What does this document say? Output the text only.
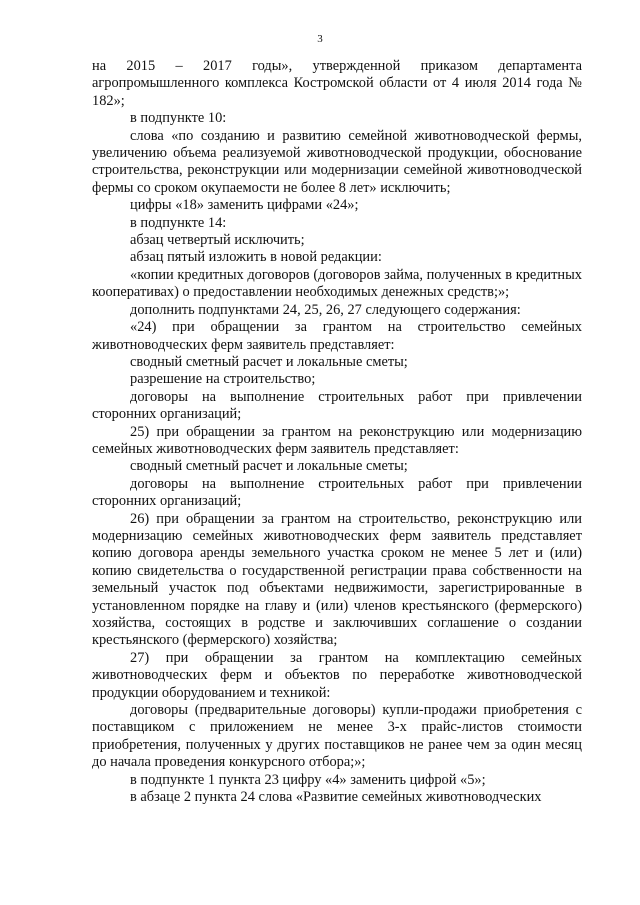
3

на 2015 – 2017 годы», утвержденной приказом департамента агропромышленного комплекса Костромской области от 4 июля 2014 года № 182»;

в подпункте 10:

слова «по созданию и развитию семейной животноводческой фермы, увеличению объема реализуемой животноводческой продукции, обоснование строительства, реконструкции или модернизации семейной животноводческой фермы со сроком окупаемости не более 8 лет» исключить;

цифры «18» заменить цифрами «24»;

в подпункте 14:

абзац четвертый исключить;

абзац пятый изложить в новой редакции:

«копии кредитных договоров (договоров займа, полученных в кредитных кооперативах) о предоставлении необходимых денежных средств;»;

дополнить подпунктами 24, 25, 26, 27 следующего содержания:

«24) при обращении за грантом на строительство семейных животноводческих ферм заявитель представляет:

сводный сметный расчет и локальные сметы;

разрешение на строительство;

договоры на выполнение строительных работ при привлечении сторонних организаций;

25) при обращении за грантом на реконструкцию или модернизацию семейных животноводческих ферм заявитель представляет:

сводный сметный расчет и локальные сметы;

договоры на выполнение строительных работ при привлечении сторонних организаций;

26) при обращении за грантом на строительство, реконструкцию или модернизацию семейных животноводческих ферм заявитель представляет копию договора аренды земельного участка сроком не менее 5 лет и (или) копию свидетельства о государственной регистрации права собственности на земельный участок под объектами недвижимости, зарегистрированные в установленном порядке на главу и (или) членов крестьянского (фермерского) хозяйства, состоящих в родстве и заключивших соглашение о создании крестьянского (фермерского) хозяйства;

27) при обращении за грантом на комплектацию семейных животноводческих ферм и объектов по переработке животноводческой продукции оборудованием и техникой:

договоры (предварительные договоры) купли-продажи приобретения с поставщиком с приложением не менее 3-х прайс-листов стоимости приобретения, полученных у других поставщиков не ранее чем за один месяц до начала проведения конкурсного отбора;»;

в подпункте 1 пункта 23 цифру «4» заменить цифрой «5»;

в абзаце 2 пункта 24 слова «Развитие семейных животноводческих
